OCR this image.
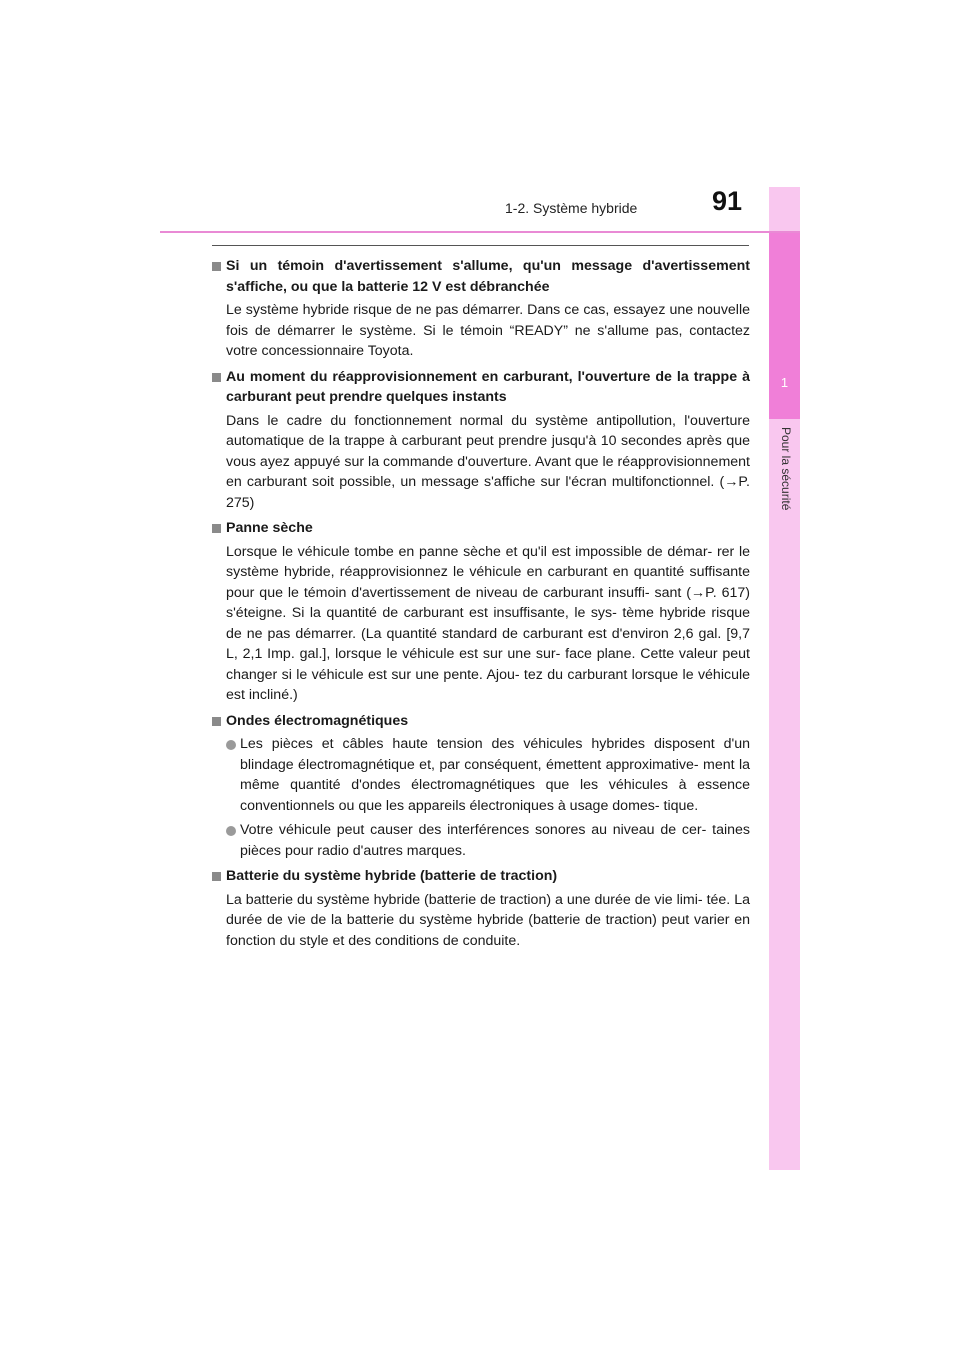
1
Pour la sécurité
1-2. Système hybride	91
Si un témoin d'avertissement s'allume, qu'un message d'avertissement s'affiche, ou que la batterie 12 V est débranchée
Le système hybride risque de ne pas démarrer. Dans ce cas, essayez une nouvelle fois de démarrer le système. Si le témoin “READY” ne s'allume pas, contactez votre concessionnaire Toyota.
Au moment du réapprovisionnement en carburant, l'ouverture de la trappe à carburant peut prendre quelques instants
Dans le cadre du fonctionnement normal du système antipollution, l'ouverture automatique de la trappe à carburant peut prendre jusqu'à 10 secondes après que vous ayez appuyé sur la commande d'ouverture. Avant que le réapprovisionnement en carburant soit possible, un message s'affiche sur l'écran multifonctionnel. (→P. 275)
Panne sèche
Lorsque le véhicule tombe en panne sèche et qu'il est impossible de démar- rer le système hybride, réapprovisionnez le véhicule en carburant en quantité suffisante pour que le témoin d'avertissement de niveau de carburant insuffi- sant (→P. 617) s'éteigne. Si la quantité de carburant est insuffisante, le sys- tème hybride risque de ne pas démarrer. (La quantité standard de carburant est d'environ 2,6 gal. [9,7 L, 2,1 Imp. gal.], lorsque le véhicule est sur une sur- face plane. Cette valeur peut changer si le véhicule est sur une pente. Ajou- tez du carburant lorsque le véhicule est incliné.)
Ondes électromagnétiques
Les pièces et câbles haute tension des véhicules hybrides disposent d'un blindage électromagnétique et, par conséquent, émettent approximative- ment la même quantité d'ondes électromagnétiques que les véhicules à essence conventionnels ou que les appareils électroniques à usage domes- tique.
Votre véhicule peut causer des interférences sonores au niveau de cer- taines pièces pour radio d'autres marques.
Batterie du système hybride (batterie de traction)
La batterie du système hybride (batterie de traction) a une durée de vie limi- tée. La durée de vie de la batterie du système hybride (batterie de traction) peut varier en fonction du style et des conditions de conduite.
